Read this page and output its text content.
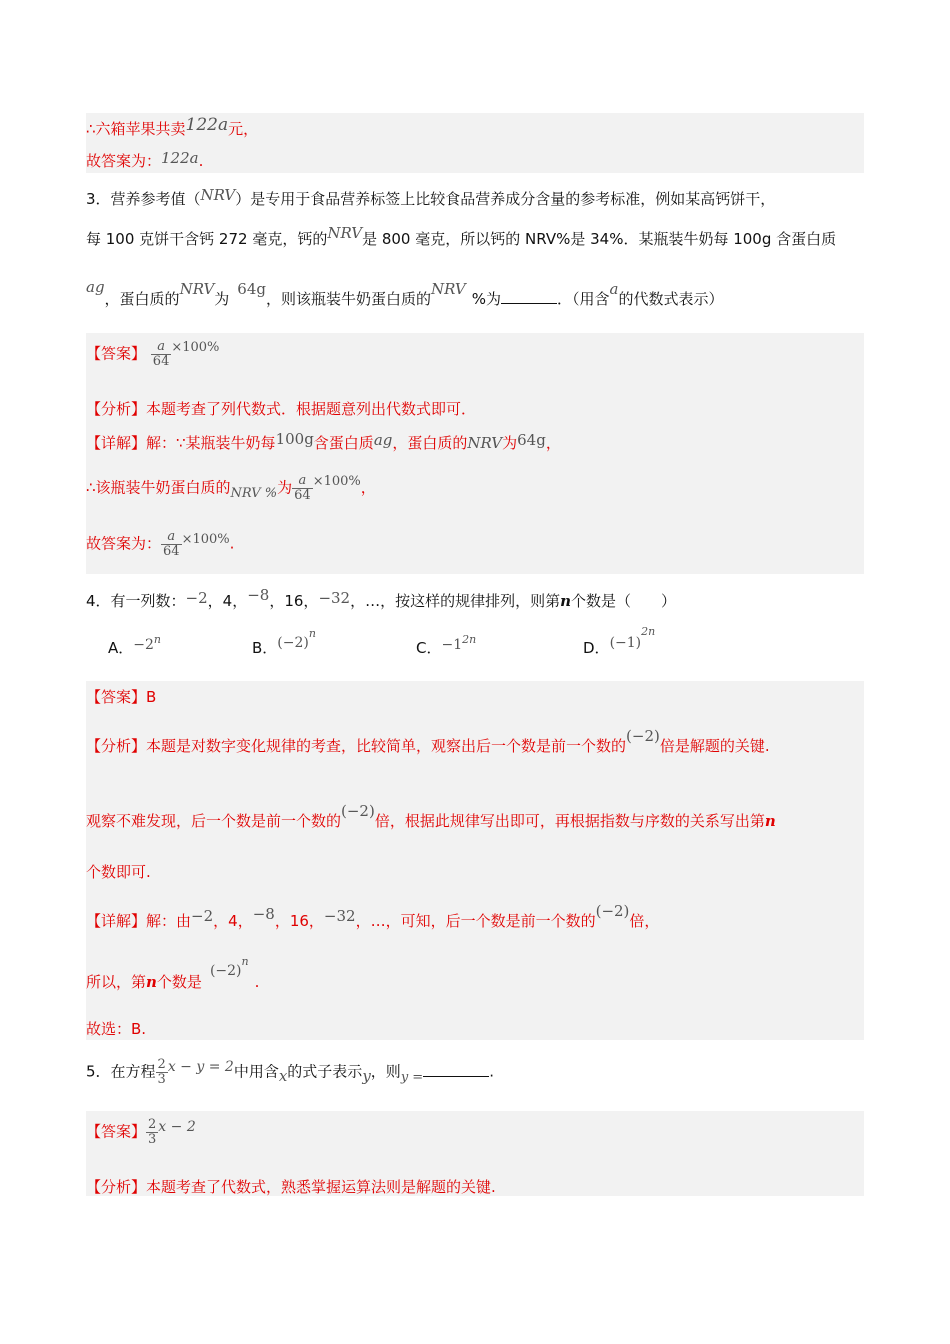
∴六箱苹果共卖122a元，
故答案为：122a.
3．营养参考值（NRV）是专用于食品营养标签上比较食品营养成分含量的参考标准，例如某高钙饼干，
每 100 克饼干含钙 272 毫克，钙的NRV是 800 毫克，所以钙的 NRV%是 34%．某瓶装牛奶每 100g 含蛋白质
ag，蛋白质的NRV为64g，则该瓶装牛奶蛋白质的NRV%为	．（用含a的代数式表示）
【答案】 $\frac{a}{64} \times 100\%$
【分析】本题考查了列代数式．根据题意列出代数式即可．
【详解】解：∵某瓶装牛奶每100g含蛋白质ag，蛋白质的NRV为64g，
∴该瓶装牛奶蛋白质的NRV %为 $\frac{a}{64} \times 100\%$，
故答案为： $\frac{a}{64} \times 100\%$.
4．有一列数：−2，4，−8，16，−32，…，按这样的规律排列，则第n个数是（　　）
A．$-2^n$	B．$(-2)^n$
C．$-1^{2n}$	D．$(-1)^{2n}$
【答案】B
【分析】本题是对数字变化规律的考查，比较简单，观察出后一个数是前一个数的(−2)倍是解题的关键.
观察不难发现，后一个数是前一个数的(−2)倍，根据此规律写出即可，再根据指数与序数的关系写出第n
个数即可.
【详解】解：由−2，4，−8，16，−32，…，可知，后一个数是前一个数的(−2)倍，
所以，第n个数是$(-2)^n$.
故选：B.
5．在方程 $\frac{2}{3}$ x − y = 2中用含x的式子表示y，则y =	.
【答案】 $\frac{2}{3}$ x − 2
【分析】本题考查了代数式，熟悉掌握运算法则是解题的关键.
